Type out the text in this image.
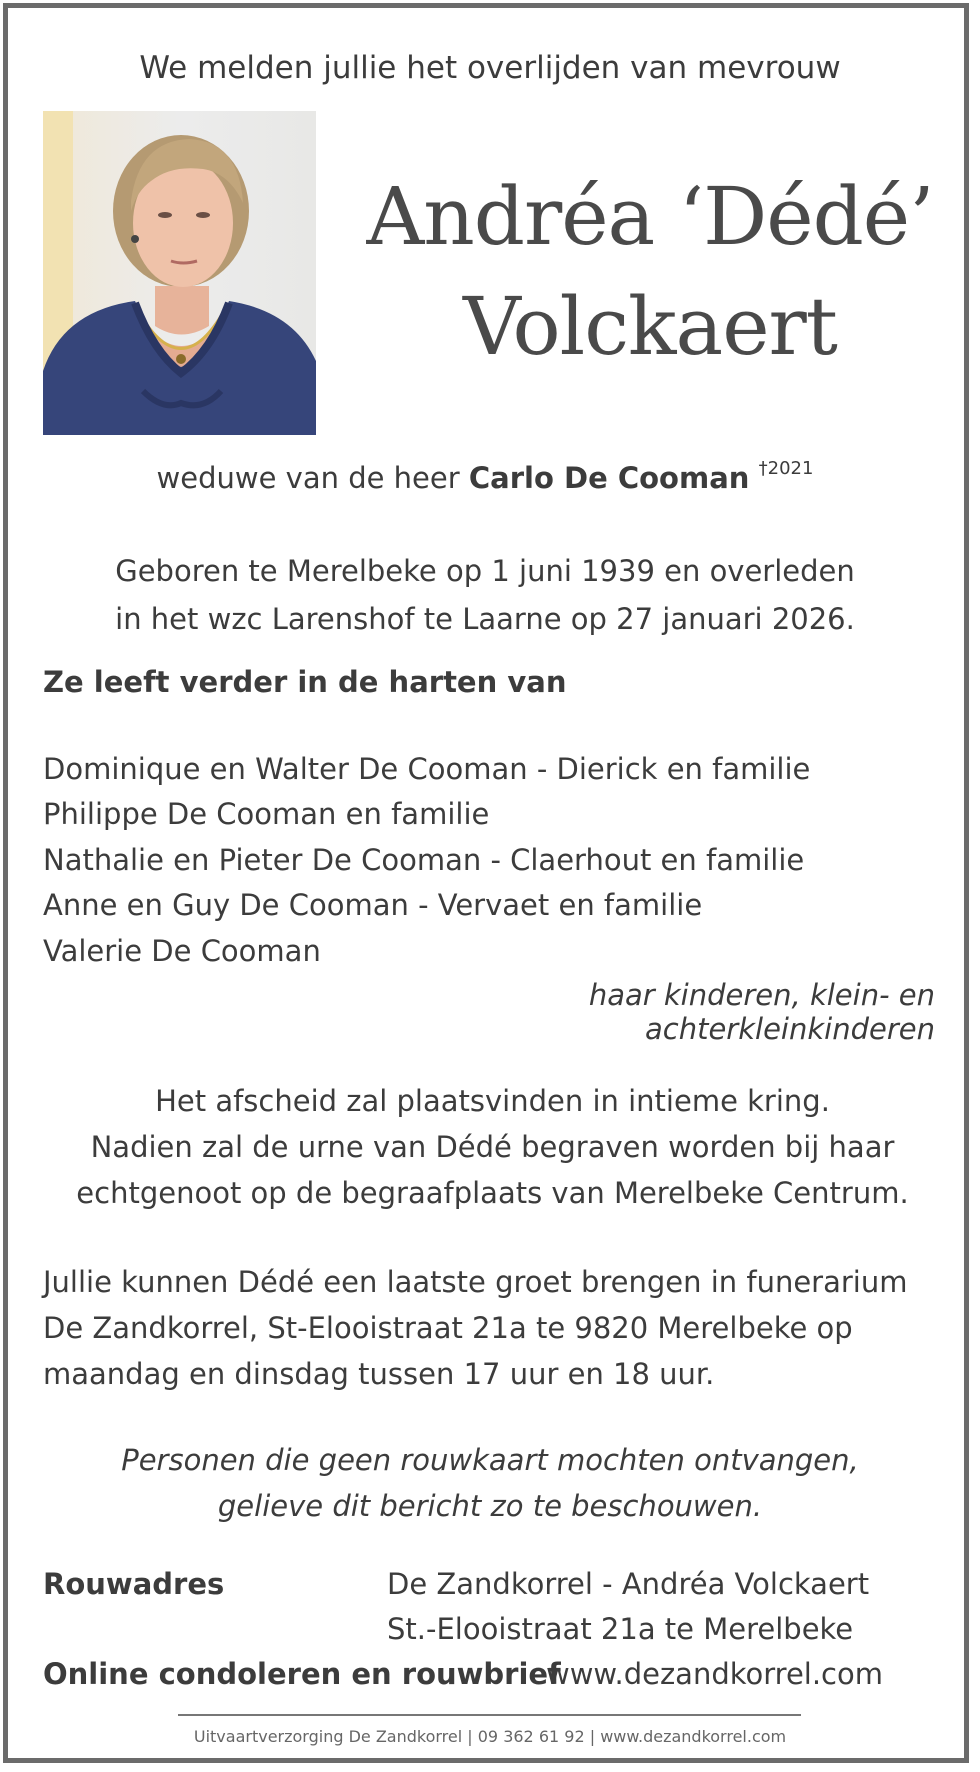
We melden jullie het overlijden van mevrouw
Andréa ‘Dédé’
Volckaert
weduwe van de heer Carlo De Cooman $^{\dagger 2021}$
Geboren te Merelbeke op 1 juni 1939 en overleden
in het wzc Larenshof te Laarne op 27 januari 2026.
Ze leeft verder in de harten van
Dominique en Walter De Cooman - Dierick en familie
Philippe De Cooman en familie
Nathalie en Pieter De Cooman - Claerhout en familie
Anne en Guy De Cooman - Vervaet en familie
Valerie De Cooman
haar kinderen, klein- en achterkleinkinderen
Het afscheid zal plaatsvinden in intieme kring.
Nadien zal de urne van Dédé begraven worden bij haar
echtgenoot op de begraafplaats van Merelbeke Centrum.
Jullie kunnen Dédé een laatste groet brengen in funerarium
De Zandkorrel, St-Elooistraat 21a te 9820 Merelbeke op
maandag en dinsdag tussen 17 uur en 18 uur.
Personen die geen rouwkaart mochten ontvangen,
gelieve dit bericht zo te beschouwen.
Rouwadres	De Zandkorrel - Andréa Volckaert
St.-Elooistraat 21a te Merelbeke
Online condoleren en rouwbrief
www.dezandkorrel.com
Uitvaartverzorging De Zandkorrel | 09 362 61 92 | www.dezandkorrel.com
